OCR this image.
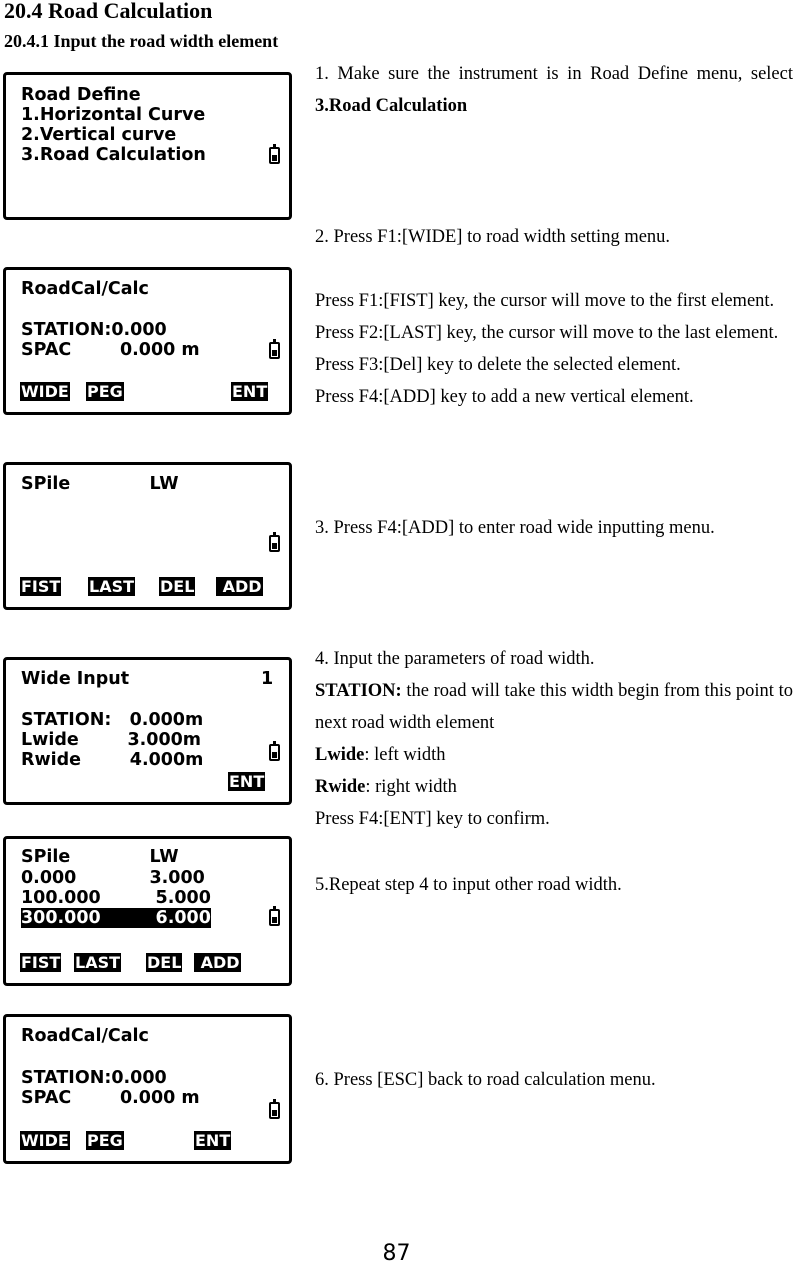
20.4 Road Calculation
20.4.1 Input the road width element
Road Define
1.Horizontal Curve
2.Vertical curve
3.Road Calculation
RoadCal/Calc
STATION:0.000
SPAC        0.000 m
WIDE PEG	ENT
SPile             LW
FIST LAST DEL ADD
Wide Input	1
STATION:   0.000m
Lwide        3.000m
Rwide        4.000m
ENT
SPile             LW
0.000            3.000
100.000         5.000
300.000         6.000
FIST LAST DEL ADD
RoadCal/Calc
STATION:0.000
SPAC        0.000 m
WIDE PEG	ENT

1. Make sure the instrument is in Road Define menu, select 3.Road Calculation

2. Press F1:[WIDE] to road width setting menu.

Press F1:[FIST] key, the cursor will move to the first element.

Press F2:[LAST] key, the cursor will move to the last element.

Press F3:[Del] key to delete the selected element.

Press F4:[ADD] key to add a new vertical element.

3. Press F4:[ADD] to enter road wide inputting menu.

4. Input the parameters of road width.

STATION: the road will take this width begin from this point to next road width element

Lwide: left width

Rwide: right width

Press F4:[ENT] key to confirm.

5.Repeat step 4 to input other road width.

6. Press [ESC] back to road calculation menu.

87
